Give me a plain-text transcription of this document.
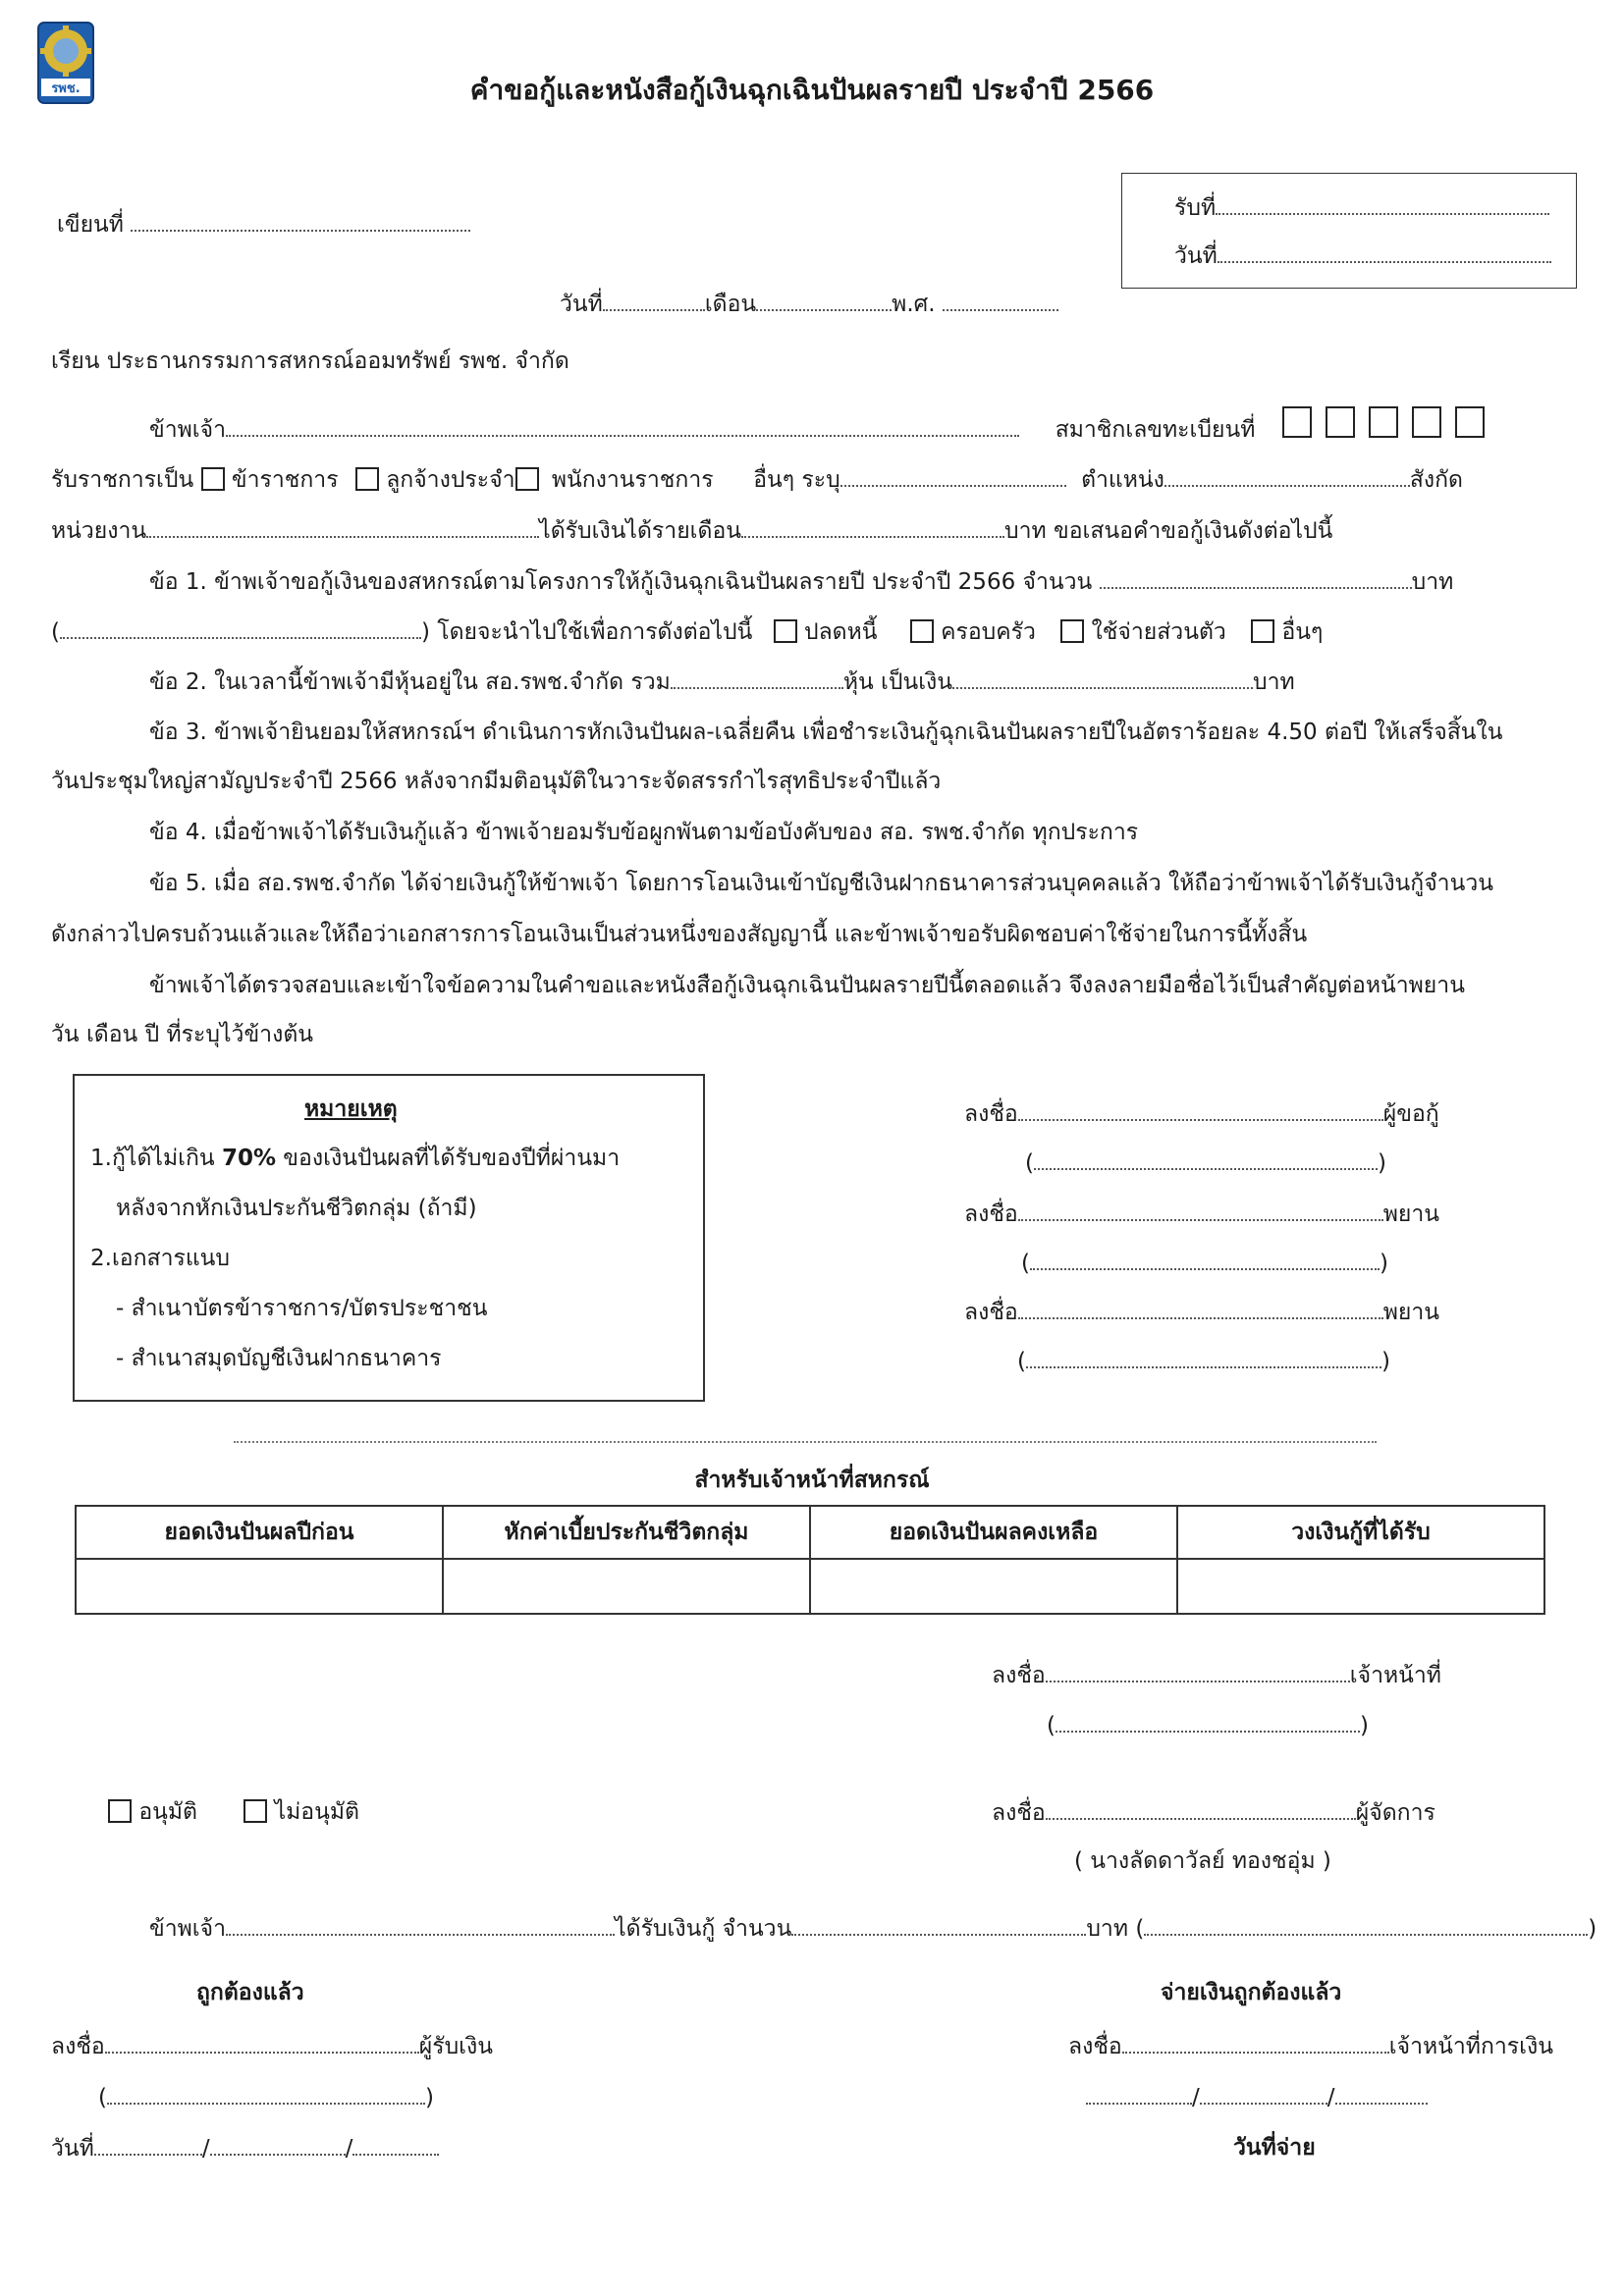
รพช.	คำขอกู้และหนังสือกู้เงินฉุกเฉินปันผลรายปี ประจำปี 2566
รับที่
วันที่
เขียนที่
วันที่	เดือน	พ.ศ.
เรียน ประธานกรรมการสหกรณ์ออมทรัพย์ รพช. จำกัด
ข้าพเจ้า	สมาชิกเลขทะเบียนที่
รับราชการเป็น ข้าราชการ ลูกจ้างประจำ พนักงานราชการ อื่นๆ ระบุ	ตำแหน่ง	สังกัด
หน่วยงาน	ได้รับเงินได้รายเดือน	บาท ขอเสนอคำขอกู้เงินดังต่อไปนี้
ข้อ 1. ข้าพเจ้าขอกู้เงินของสหกรณ์ตามโครงการให้กู้เงินฉุกเฉินปันผลรายปี ประจำปี 2566 จำนวน	บาท
(	) โดยจะนำไปใช้เพื่อการดังต่อไปนี้ ปลดหนี้	ครอบครัว ใช้จ่ายส่วนตัว อื่นๆ
ข้อ 2. ในเวลานี้ข้าพเจ้ามีหุ้นอยู่ใน สอ.รพช.จำกัด รวม	หุ้น เป็นเงิน	บาท
ข้อ 3. ข้าพเจ้ายินยอมให้สหกรณ์ฯ ดำเนินการหักเงินปันผล-เฉลี่ยคืน เพื่อชำระเงินกู้ฉุกเฉินปันผลรายปีในอัตราร้อยละ 4.50 ต่อปี ให้เสร็จสิ้นใน
วันประชุมใหญ่สามัญประจำปี 2566 หลังจากมีมติอนุมัติในวาระจัดสรรกำไรสุทธิประจำปีแล้ว
ข้อ 4. เมื่อข้าพเจ้าได้รับเงินกู้แล้ว ข้าพเจ้ายอมรับข้อผูกพันตามข้อบังคับของ สอ. รพช.จำกัด ทุกประการ
ข้อ 5. เมื่อ สอ.รพช.จำกัด ได้จ่ายเงินกู้ให้ข้าพเจ้า โดยการโอนเงินเข้าบัญชีเงินฝากธนาคารส่วนบุคคลแล้ว ให้ถือว่าข้าพเจ้าได้รับเงินกู้จำนวน
ดังกล่าวไปครบถ้วนแล้วและให้ถือว่าเอกสารการโอนเงินเป็นส่วนหนึ่งของสัญญานี้ และข้าพเจ้าขอรับผิดชอบค่าใช้จ่ายในการนี้ทั้งสิ้น
ข้าพเจ้าได้ตรวจสอบและเข้าใจข้อความในคำขอและหนังสือกู้เงินฉุกเฉินปันผลรายปีนี้ตลอดแล้ว จึงลงลายมือชื่อไว้เป็นสำคัญต่อหน้าพยาน
วัน เดือน ปี ที่ระบุไว้ข้างต้น
หมายเหตุ
1.กู้ได้ไม่เกิน 70% ของเงินปันผลที่ได้รับของปีที่ผ่านมา
หลังจากหักเงินประกันชีวิตกลุ่ม (ถ้ามี)
2.เอกสารแนบ
- สำเนาบัตรข้าราชการ/บัตรประชาชน
- สำเนาสมุดบัญชีเงินฝากธนาคาร
ลงชื่อ	ผู้ขอกู้
(	)
ลงชื่อ	พยาน
(	)
ลงชื่อ	พยาน
(	)
สำหรับเจ้าหน้าที่สหกรณ์
ยอดเงินปันผลปีก่อน	หักค่าเบี้ยประกันชีวิตกลุ่ม	ยอดเงินปันผลคงเหลือ	วงเงินกู้ที่ได้รับ

ลงชื่อ	เจ้าหน้าที่
(	)
อนุมัติ	ไม่อนุมัติ	ลงชื่อ	ผู้จัดการ
( นางลัดดาวัลย์ ทองชอุ่ม )
ข้าพเจ้า	ได้รับเงินกู้ จำนวน	บาท (	)
ถูกต้องแล้ว	จ่ายเงินถูกต้องแล้ว
ลงชื่อ	ผู้รับเงิน	ลงชื่อ	เจ้าหน้าที่การเงิน
(	)	/	/
วันที่	/	/	วันที่จ่าย
